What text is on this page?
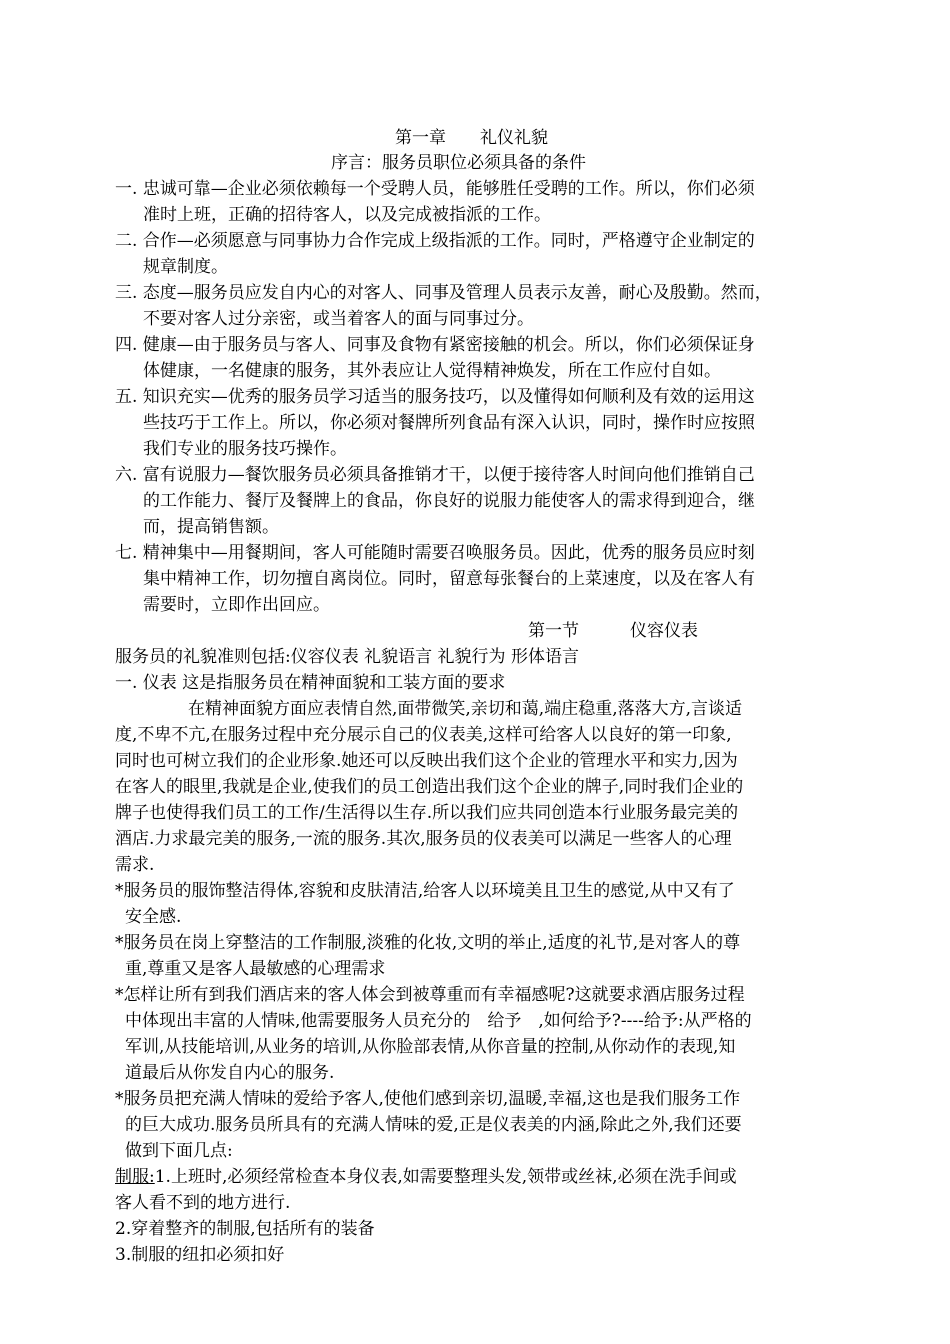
第一章　　礼仪礼貌
序言：服务员职位必须具备的条件
一. 忠诚可靠—企业必须依赖每一个受聘人员，能够胜任受聘的工作。所以，你们必须
准时上班，正确的招待客人，以及完成被指派的工作。
二. 合作—必须愿意与同事协力合作完成上级指派的工作。同时，严格遵守企业制定的
规章制度。
三. 态度—服务员应发自内心的对客人、同事及管理人员表示友善，耐心及殷勤。然而，
不要对客人过分亲密，或当着客人的面与同事过分。
四. 健康—由于服务员与客人、同事及食物有紧密接触的机会。所以，你们必须保证身
体健康，一名健康的服务，其外表应让人觉得精神焕发，所在工作应付自如。
五. 知识充实—优秀的服务员学习适当的服务技巧，以及懂得如何顺利及有效的运用这
些技巧于工作上。所以，你必须对餐牌所列食品有深入认识，同时，操作时应按照
我们专业的服务技巧操作。
六. 富有说服力—餐饮服务员必须具备推销才干，以便于接待客人时间向他们推销自己
的工作能力、餐厅及餐牌上的食品，你良好的说服力能使客人的需求得到迎合，继
而，提高销售额。
七. 精神集中—用餐期间，客人可能随时需要召唤服务员。因此，优秀的服务员应时刻
集中精神工作，切勿擅自离岗位。同时，留意每张餐台的上菜速度，以及在客人有
需要时，立即作出回应。
第一节　　　仪容仪表
服务员的礼貌准则包括:仪容仪表 礼貌语言 礼貌行为 形体语言
一. 仪表 这是指服务员在精神面貌和工装方面的要求
在精神面貌方面应表情自然,面带微笑,亲切和蔼,端庄稳重,落落大方,言谈适
度,不卑不亢,在服务过程中充分展示自己的仪表美,这样可给客人以良好的第一印象,
同时也可树立我们的企业形象.她还可以反映出我们这个企业的管理水平和实力,因为
在客人的眼里,我就是企业,使我们的员工创造出我们这个企业的牌子,同时我们企业的
牌子也使得我们员工的工作/生活得以生存.所以我们应共同创造本行业服务最完美的
酒店.力求最完美的服务,一流的服务.其次,服务员的仪表美可以满足一些客人的心理
需求.
*服务员的服饰整洁得体,容貌和皮肤清洁,给客人以环境美且卫生的感觉,从中又有了
安全感.
*服务员在岗上穿整洁的工作制服,淡雅的化妆,文明的举止,适度的礼节,是对客人的尊
重,尊重又是客人最敏感的心理需求
*怎样让所有到我们酒店来的客人体会到被尊重而有幸福感呢?这就要求酒店服务过程
中体现出丰富的人情味,他需要服务人员充分的　给予　,如何给予?----给予:从严格的
军训,从技能培训,从业务的培训,从你脸部表情,从你音量的控制,从你动作的表现,知
道最后从你发自内心的服务.
*服务员把充满人情味的爱给予客人,使他们感到亲切,温暖,幸福,这也是我们服务工作
的巨大成功.服务员所具有的充满人情味的爱,正是仪表美的内涵,除此之外,我们还要
做到下面几点:
制服:1.上班时,必须经常检查本身仪表,如需要整理头发,领带或丝袜,必须在洗手间或
客人看不到的地方进行.
2.穿着整齐的制服,包括所有的装备
3.制服的纽扣必须扣好
